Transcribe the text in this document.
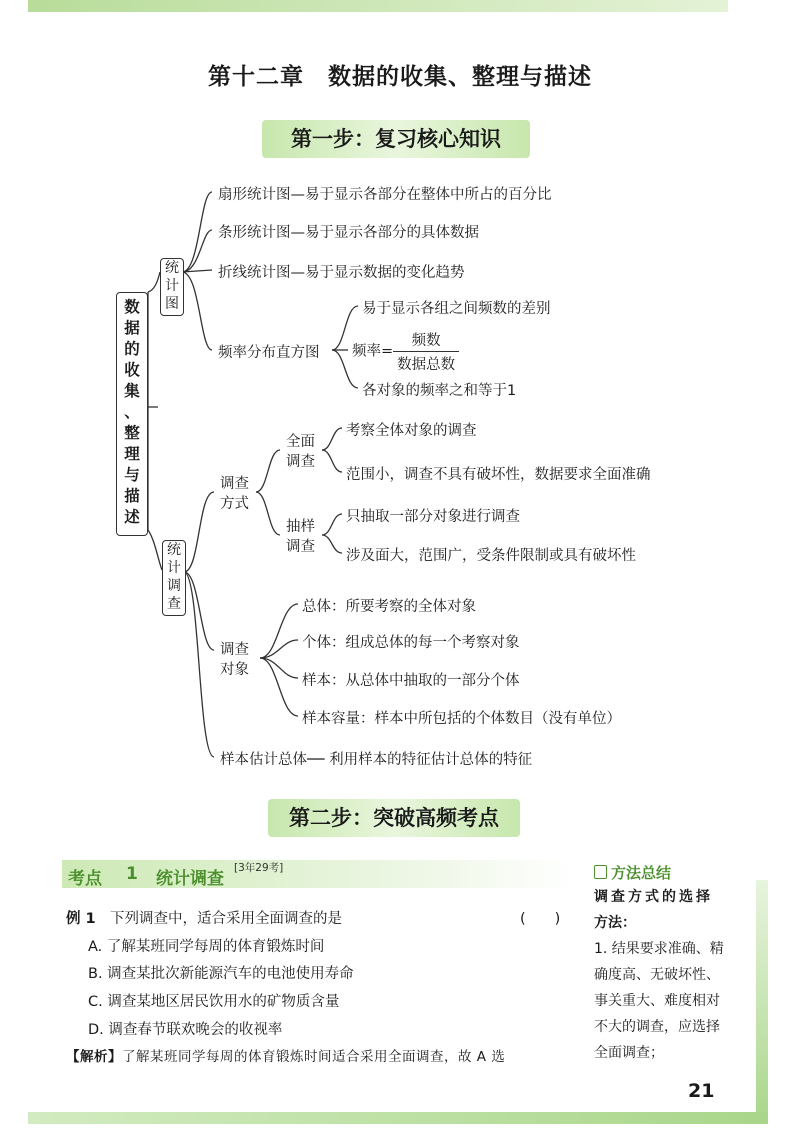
第十二章　数据的收集、整理与描述
第一步：复习核心知识
数
据
的
收
集
、
整
理
与
描
述
统
计
图
扇形统计图—易于显示各部分在整体中所占的百分比
条形统计图—易于显示各部分的具体数据
折线统计图—易于显示数据的变化趋势
频率分布直方图
易于显示各组之间频数的差别
频率= $\frac{\text{频数}}{\text{数据总数}}$
各对象的频率之和等于1
统
计
调
查
调查
方式
全面
调查
考察全体对象的调查
范围小，调查不具有破坏性，数据要求全面准确
抽样
调查
只抽取一部分对象进行调查
涉及面大，范围广，受条件限制或具有破坏性
调查
对象
总体：所要考察的全体对象
个体：组成总体的每一个考察对象
样本：从总体中抽取的一部分个体
样本容量：样本中所包括的个体数目（没有单位）
样本估计总体── 利用样本的特征估计总体的特征
第二步：突破高频考点
考点 1 统计调查
[3年29考]
例 1 下列调查中，适合采用全面调查的是	(　　)
A. 了解某班同学每周的体育锻炼时间
B. 调查某批次新能源汽车的电池使用寿命
C. 调查某地区居民饮用水的矿物质含量
D. 调查春节联欢晚会的收视率
【解析】了解某班同学每周的体育锻炼时间适合采用全面调查，故 A 选
方法总结
调查方式的选择
方法：
1. 结果要求准确、精
确度高、无破坏性、
事关重大、难度相对
不大的调查，应选择
全面调查；
21
